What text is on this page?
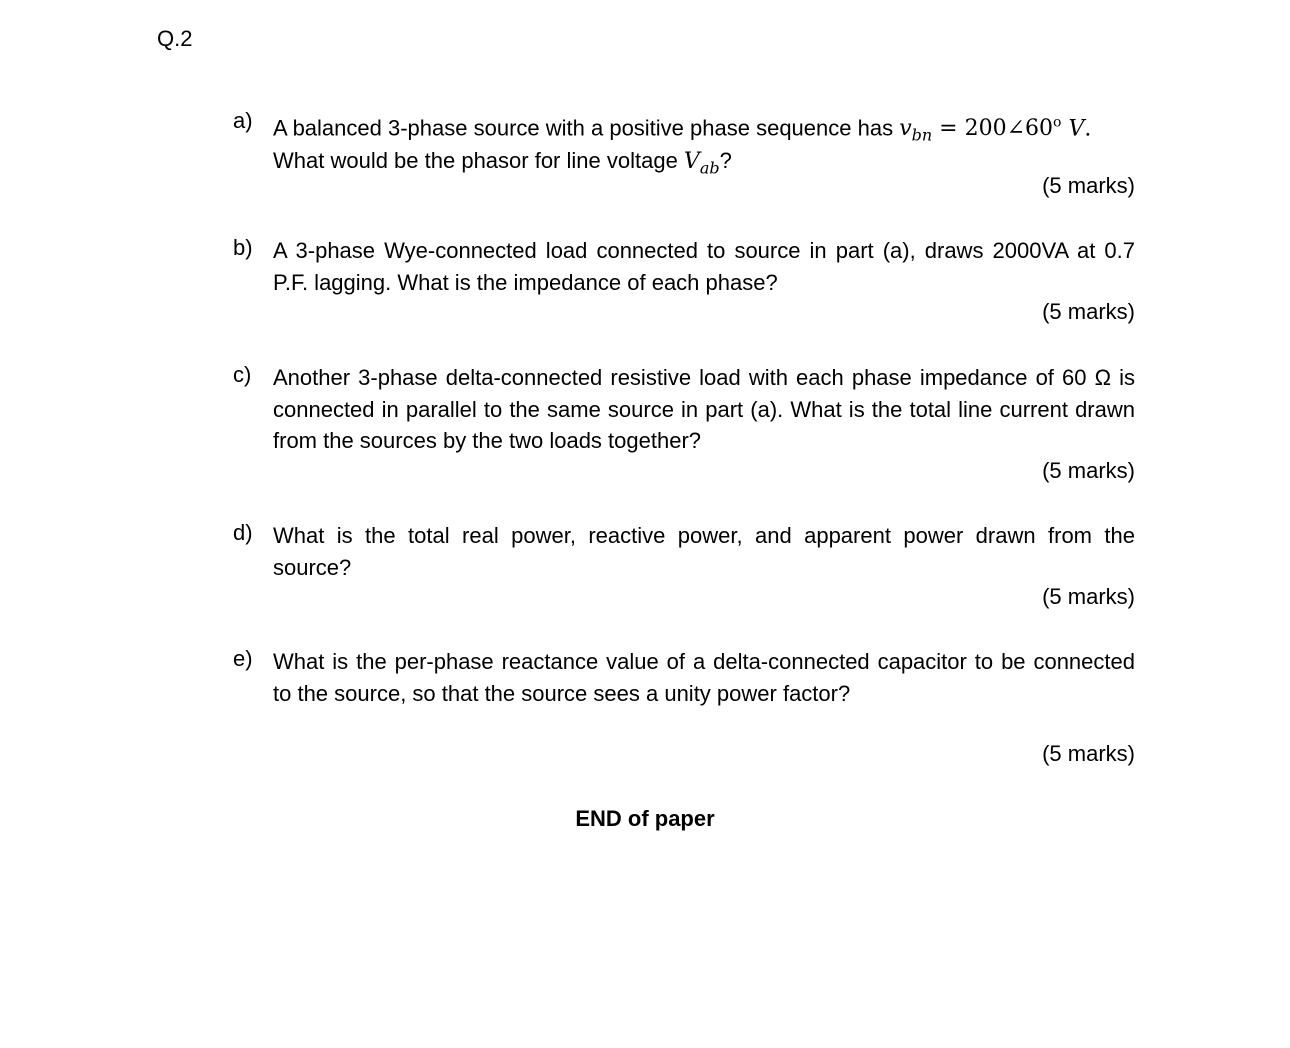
Q.2
a) A balanced 3-phase source with a positive phase sequence has $v_{bn}$ = $200\angle 60^o$ V.
What would be the phasor for line voltage $V_{ab}$?
(5 marks)
b) A 3-phase Wye-connected load connected to source in part (a), draws 2000VA at 0.7 P.F. lagging. What is the impedance of each phase?
(5 marks)
c) Another 3-phase delta-connected resistive load with each phase impedance of 60 Ω is connected in parallel to the same source in part (a). What is the total line current drawn from the sources by the two loads together?
(5 marks)
d) What is the total real power, reactive power, and apparent power drawn from the source?
(5 marks)
e) What is the per-phase reactance value of a delta-connected capacitor to be connected to the source, so that the source sees a unity power factor?
(5 marks)
END of paper
